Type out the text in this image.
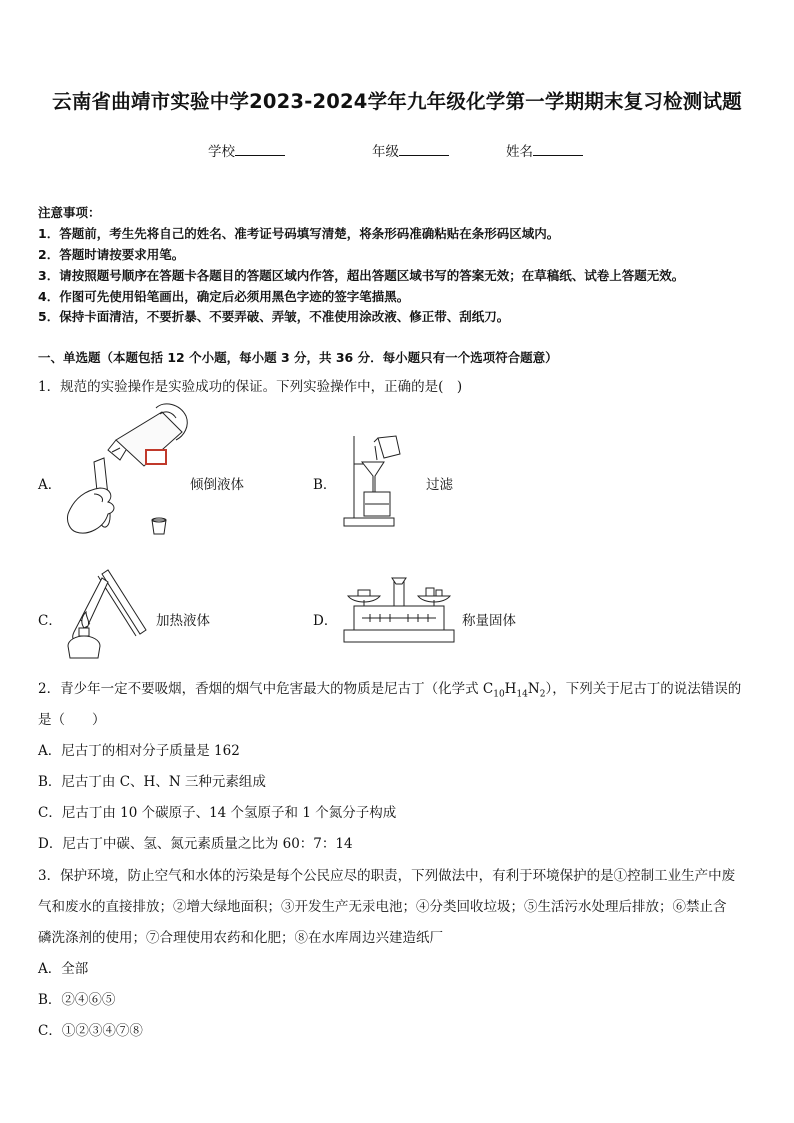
云南省曲靖市实验中学2023-2024学年九年级化学第一学期期末复习检测试题
学校	年级	姓名
注意事项：
1．答题前，考生先将自己的姓名、准考证号码填写清楚，将条形码准确粘贴在条形码区域内。
2．答题时请按要求用笔。
3．请按照题号顺序在答题卡各题目的答题区域内作答，超出答题区域书写的答案无效；在草稿纸、试卷上答题无效。
4．作图可先使用铅笔画出，确定后必须用黑色字迹的签字笔描黑。
5．保持卡面清洁，不要折暴、不要弄破、弄皱，不准使用涂改液、修正带、刮纸刀。
一、单选题（本题包括 12 个小题，每小题 3 分，共 36 分．每小题只有一个选项符合题意）
1．规范的实验操作是实验成功的保证。下列实验操作中，正确的是(　)
A．	倾倒液体	B．	过滤
C．	加热液体	D．	称量固体
2．青少年一定不要吸烟，香烟的烟气中危害最大的物质是尼古丁（化学式 $C_{10}H_{14}N_2$），下列关于尼古丁的说法错误的
是（　　）
A．尼古丁的相对分子质量是 162
B．尼古丁由 C、H、N 三种元素组成
C．尼古丁由 10 个碳原子、14 个氢原子和 1 个氮分子构成
D．尼古丁中碳、氢、氮元素质量之比为 60：7：14
3．保护环境，防止空气和水体的污染是每个公民应尽的职责，下列做法中，有利于环境保护的是①控制工业生产中废
气和废水的直接排放；②增大绿地面积；③开发生产无汞电池；④分类回收垃圾；⑤生活污水处理后排放；⑥禁止含
磷洗涤剂的使用；⑦合理使用农药和化肥；⑧在水库周边兴建造纸厂
A．全部
B．②④⑥⑤
C．①②③④⑦⑧
